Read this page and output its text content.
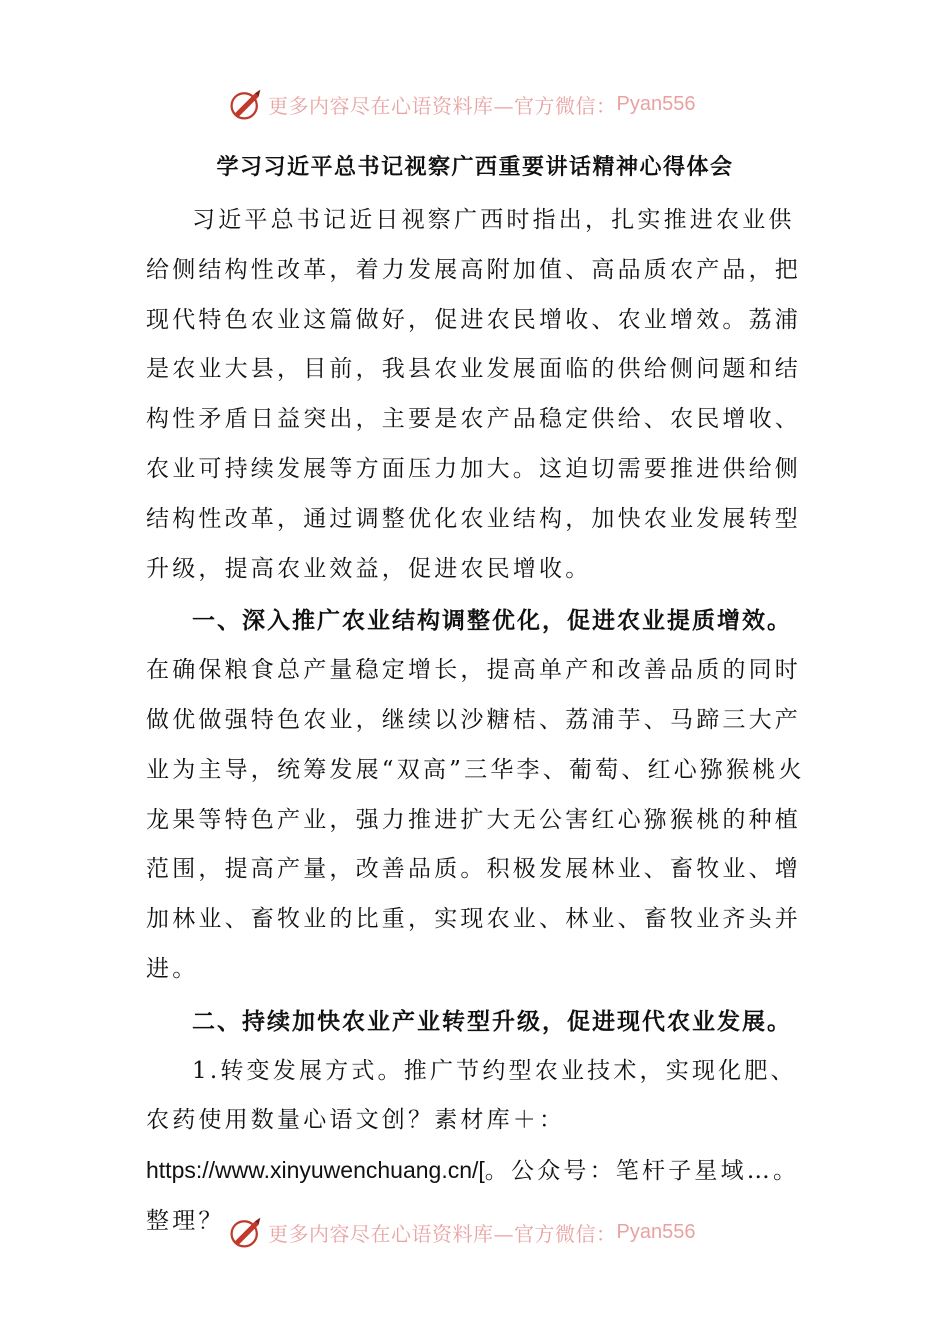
更多内容尽在心语资料库—官方微信： Pyan556
学习习近平总书记视察广西重要讲话精神心得体会

习近平总书记近日视察广西时指出，扎实推进农业供给侧结构性改革，着力发展高附加值、高品质农产品，把现代特色农业这篇做好，促进农民增收、农业增效。荔浦是农业大县，目前，我县农业发展面临的供给侧问题和结构性矛盾日益突出，主要是农产品稳定供给、农民增收、农业可持续发展等方面压力加大。这迫切需要推进供给侧结构性改革，通过调整优化农业结构，加快农业发展转型升级，提高农业效益，促进农民增收。

一、深入推广农业结构调整优化，促进农业提质增效。

在确保粮食总产量稳定增长，提高单产和改善品质的同时做优做强特色农业，继续以沙糖桔、荔浦芋、马蹄三大产业为主导，统筹发展“双高”三华李、葡萄、红心猕猴桃火龙果等特色产业，强力推进扩大无公害红心猕猴桃的种植范围，提高产量，改善品质。积极发展林业、畜牧业、增加林业、畜牧业的比重，实现农业、林业、畜牧业齐头并进。

二、持续加快农业产业转型升级，促进现代农业发展。

1.转变发展方式。推广节约型农业技术，实现化肥、农药使用数量心语文创？素材库＋：https://www.xinyuwenchuang.cn/[。公众号：笔杆子星域…。整理？	更多内容尽在心语资料库—官方微信： Pyan556
